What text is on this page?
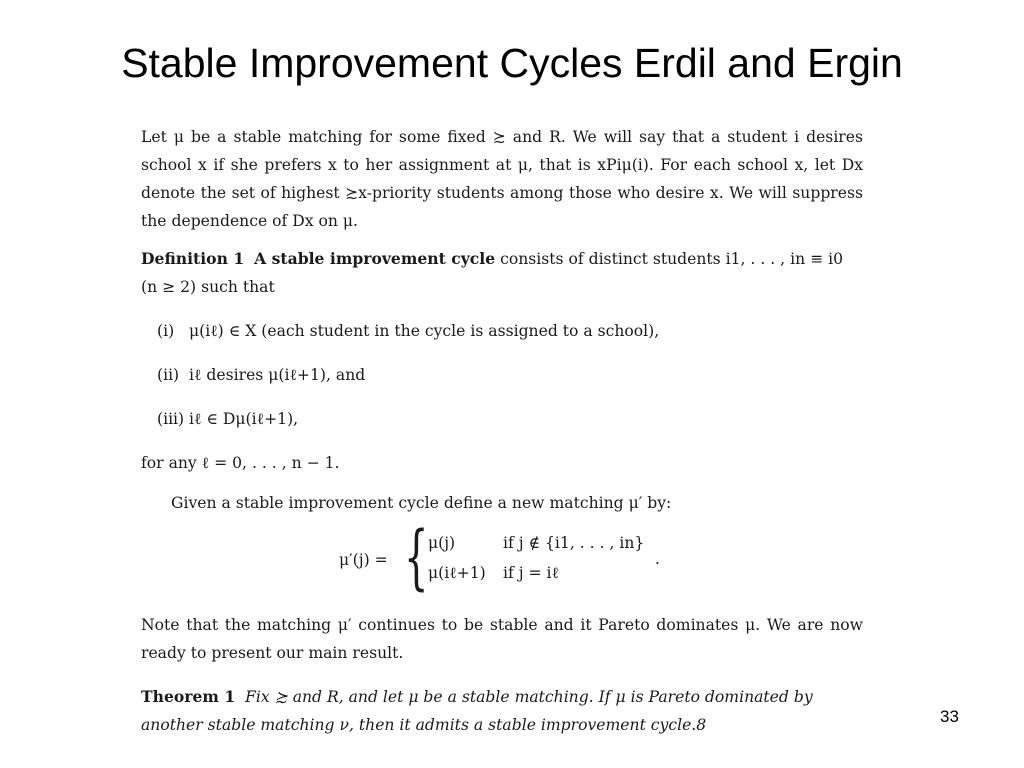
Stable Improvement Cycles Erdil and Ergin

Let μ be a stable matching for some fixed ≿ and R. We will say that a student i desires school x if she prefers x to her assignment at μ, that is xPiμ(i). For each school x, let Dx denote the set of highest ≿x-priority students among those who desire x. We will suppress the dependence of Dx on μ.

Definition 1 A stable improvement cycle consists of distinct students i1, . . . , in ≡ i0 (n ≥ 2) such that

(i) μ(iℓ) ∈ X (each student in the cycle is assigned to a school),
(ii) iℓ desires μ(iℓ+1), and
(iii) iℓ ∈ Dμ(iℓ+1),

for any ℓ = 0, . . . , n − 1.

Given a stable improvement cycle define a new matching μ′ by:

μ′(j) = { μ(j)	if j ∉ {i1, . . . , in}
μ(iℓ+1) if j = iℓ
.

Note that the matching μ′ continues to be stable and it Pareto dominates μ. We are now ready to present our main result.

Theorem 1 Fix ≿ and R, and let μ be a stable matching. If μ is Pareto dominated by another stable matching ν, then it admits a stable improvement cycle.8	33
